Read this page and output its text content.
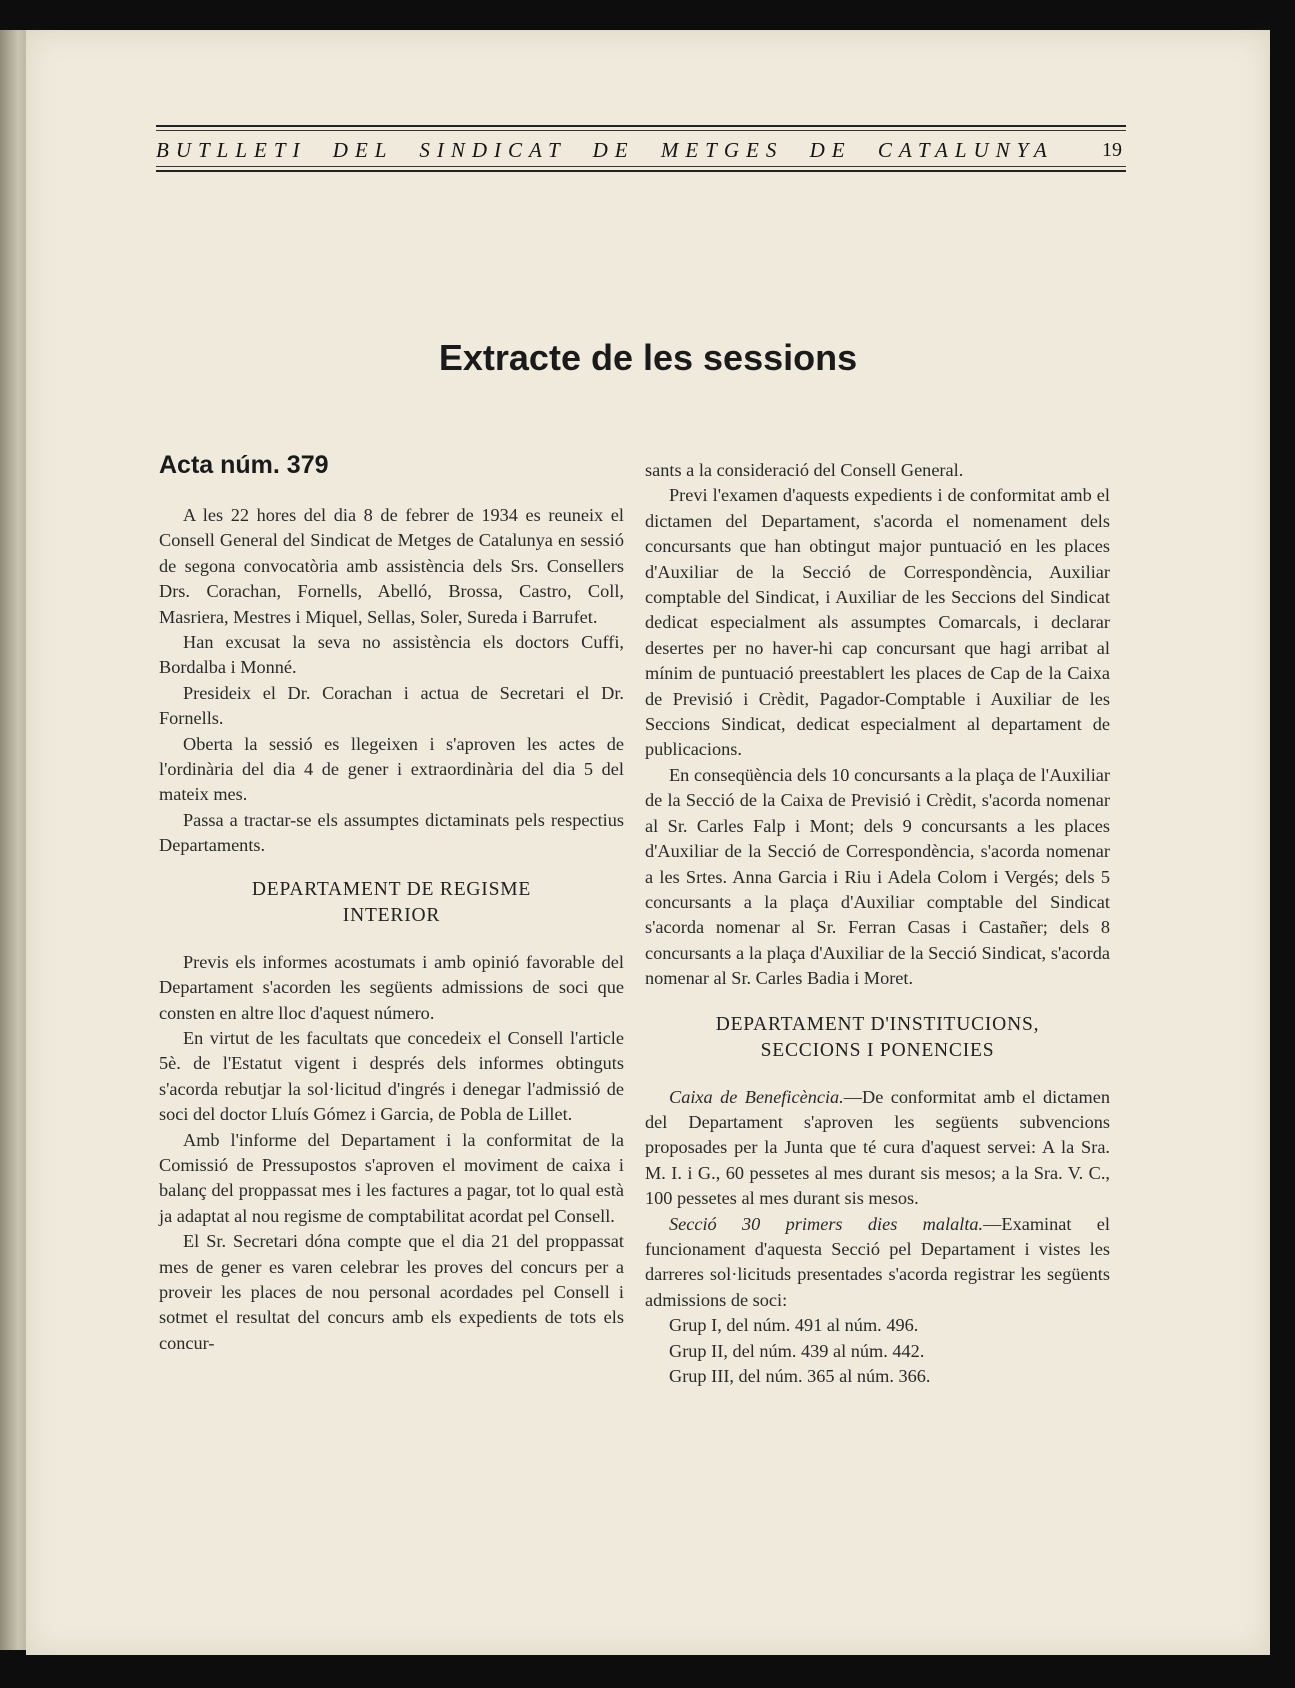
BUTLLETI DEL SINDICAT DE METGES DE CATALUNYA 19
Extracte de les sessions
Acta núm. 379

A les 22 hores del dia 8 de febrer de 1934 es reuneix el Consell General del Sindicat de Metges de Catalunya en sessió de segona convocatòria amb assistència dels Srs. Consellers Drs. Corachan, Fornells, Abelló, Brossa, Castro, Coll, Masriera, Mestres i Miquel, Sellas, Soler, Sureda i Barrufet.

Han excusat la seva no assistència els doctors Cuffi, Bordalba i Monné.

Presideix el Dr. Corachan i actua de Secretari el Dr. Fornells.

Oberta la sessió es llegeixen i s'aproven les actes de l'ordinària del dia 4 de gener i extraordinària del dia 5 del mateix mes.

Passa a tractar-se els assumptes dictaminats pels respectius Departaments.

DEPARTAMENT DE REGISME
INTERIOR

Previs els informes acostumats i amb opinió favorable del Departament s'acorden les següents admissions de soci que consten en altre lloc d'aquest número.

En virtut de les facultats que concedeix el Consell l'article 5è. de l'Estatut vigent i després dels informes obtinguts s'acorda rebutjar la sol·licitud d'ingrés i denegar l'admissió de soci del doctor Lluís Gómez i Garcia, de Pobla de Lillet.

Amb l'informe del Departament i la conformitat de la Comissió de Pressupostos s'aproven el moviment de caixa i balanç del proppassat mes i les factures a pagar, tot lo qual està ja adaptat al nou regisme de comptabilitat acordat pel Consell.

El Sr. Secretari dóna compte que el dia 21 del proppassat mes de gener es varen celebrar les proves del concurs per a proveir les places de nou personal acordades pel Consell i sotmet el resultat del concurs amb els expedients de tots els concur-

sants a la consideració del Consell General.

Previ l'examen d'aquests expedients i de conformitat amb el dictamen del Departament, s'acorda el nomenament dels concursants que han obtingut major puntuació en les places d'Auxiliar de la Secció de Correspondència, Auxiliar comptable del Sindicat, i Auxiliar de les Seccions del Sindicat dedicat especialment als assumptes Comarcals, i declarar desertes per no haver-hi cap concursant que hagi arribat al mínim de puntuació preestablert les places de Cap de la Caixa de Previsió i Crèdit, Pagador-Comptable i Auxiliar de les Seccions Sindicat, dedicat especialment al departament de publicacions.

En conseqüència dels 10 concursants a la plaça de l'Auxiliar de la Secció de la Caixa de Previsió i Crèdit, s'acorda nomenar al Sr. Carles Falp i Mont; dels 9 concursants a les places d'Auxiliar de la Secció de Correspondència, s'acorda nomenar a les Srtes. Anna Garcia i Riu i Adela Colom i Vergés; dels 5 concursants a la plaça d'Auxiliar comptable del Sindicat s'acorda nomenar al Sr. Ferran Casas i Castañer; dels 8 concursants a la plaça d'Auxiliar de la Secció Sindicat, s'acorda nomenar al Sr. Carles Badia i Moret.

DEPARTAMENT D'INSTITUCIONS,
SECCIONS I PONENCIES

Caixa de Beneficència.—De conformitat amb el dictamen del Departament s'aproven les següents subvencions proposades per la Junta que té cura d'aquest servei: A la Sra. M. I. i G., 60 pessetes al mes durant sis mesos; a la Sra. V. C., 100 pessetes al mes durant sis mesos.

Secció 30 primers dies malalta.—Examinat el funcionament d'aquesta Secció pel Departament i vistes les darreres sol·licituds presentades s'acorda registrar les següents admissions de soci:

Grup I, del núm. 491 al núm. 496.

Grup II, del núm. 439 al núm. 442.

Grup III, del núm. 365 al núm. 366.
